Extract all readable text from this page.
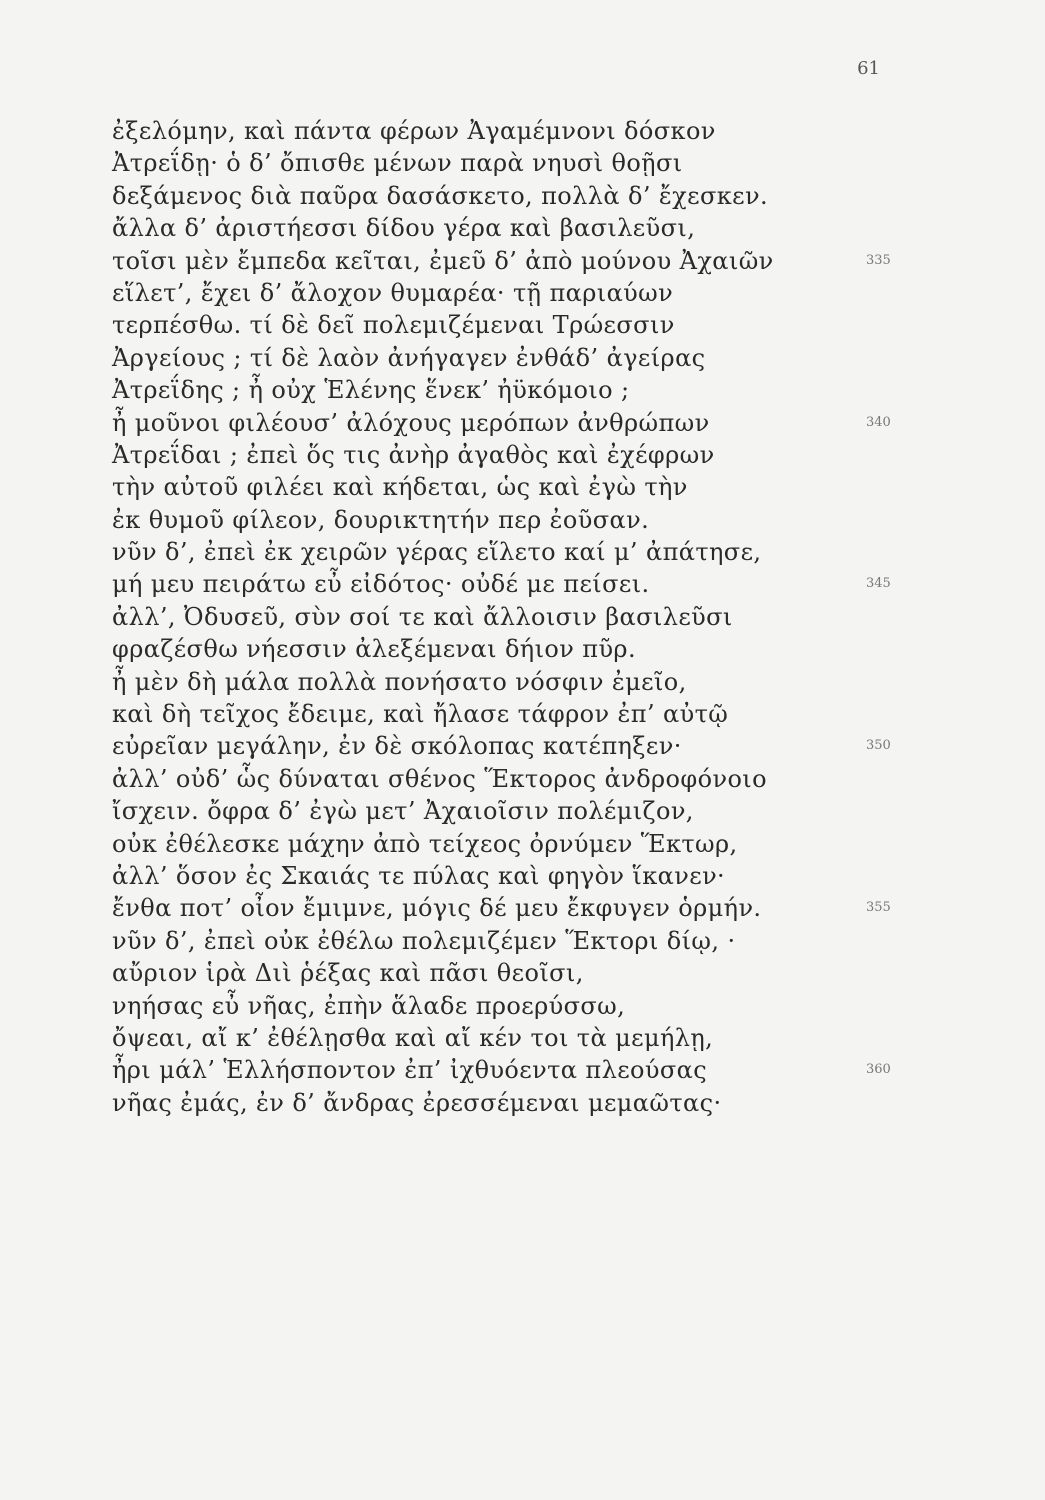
61
ἐξελόμην, καὶ πάντα φέρων Ἀγαμέμνονι δόσκον
Ἀτρεΐδῃ· ὁ δ’ ὄπισθε μένων παρὰ νηυσὶ θοῇσι
δεξάμενος διὰ παῦρα δασάσκετο, πολλὰ δ’ ἔχεσκεν.
ἄλλα δ’ ἀριστήεσσι δίδου γέρα καὶ βασιλεῦσι,
τοῖσι μὲν ἔμπεδα κεῖται, ἐμεῦ δ’ ἀπὸ μούνου Ἀχαιῶν	335
εἵλετ’, ἔχει δ’ ἄλοχον θυμαρέα· τῇ παριαύων
τερπέσθω. τί δὲ δεῖ πολεμιζέμεναι Τρώεσσιν
Ἀργείους ; τί δὲ λαὸν ἀνήγαγεν ἐνθάδ’ ἀγείρας
Ἀτρεΐδης ; ἦ οὐχ Ἑλένης ἕνεκ’ ἠϋκόμοιο ;
ἦ μοῦνοι φιλέουσ’ ἀλόχους μερόπων ἀνθρώπων	340
Ἀτρεΐδαι ; ἐπεὶ ὅς τις ἀνὴρ ἀγαθὸς καὶ ἐχέφρων
τὴν αὐτοῦ φιλέει καὶ κήδεται, ὡς καὶ ἐγὼ τὴν
ἐκ θυμοῦ φίλεον, δουρικτητήν περ ἐοῦσαν.
νῦν δ’, ἐπεὶ ἐκ χειρῶν γέρας εἵλετο καί μ’ ἀπάτησε,
μή μευ πειράτω εὖ εἰδότος· οὐδέ με πείσει.	345
ἀλλ’, Ὀδυσεῦ, σὺν σοί τε καὶ ἄλλοισιν βασιλεῦσι
φραζέσθω νήεσσιν ἀλεξέμεναι δήιον πῦρ.
ἦ μὲν δὴ μάλα πολλὰ πονήσατο νόσφιν ἐμεῖο,
καὶ δὴ τεῖχος ἔδειμε, καὶ ἤλασε τάφρον ἐπ’ αὐτῷ
εὐρεῖαν μεγάλην, ἐν δὲ σκόλοπας κατέπηξεν·	350
ἀλλ’ οὐδ’ ὧς δύναται σθένος Ἕκτορος ἀνδροφόνοιο
ἴσχειν. ὄφρα δ’ ἐγὼ μετ’ Ἀχαιοῖσιν πολέμιζον,
οὐκ ἐθέλεσκε μάχην ἀπὸ τείχεος ὀρνύμεν Ἕκτωρ,
ἀλλ’ ὅσον ἐς Σκαιάς τε πύλας καὶ φηγὸν ἵκανεν·
ἔνθα ποτ’ οἶον ἔμιμνε, μόγις δέ μευ ἔκφυγεν ὁρμήν.	355
νῦν δ’, ἐπεὶ οὐκ ἐθέλω πολεμιζέμεν Ἕκτορι δίῳ, ·
αὔριον ἱρὰ Διὶ ῥέξας καὶ πᾶσι θεοῖσι,
νηήσας εὖ νῆας, ἐπὴν ἅλαδε προερύσσω,
ὄψεαι, αἴ κ’ ἐθέλῃσθα καὶ αἴ κέν τοι τὰ μεμήλῃ,
ἦρι μάλ’ Ἑλλήσποντον ἐπ’ ἰχθυόεντα πλεούσας	360
νῆας ἐμάς, ἐν δ’ ἄνδρας ἐρεσσέμεναι μεμαῶτας·
